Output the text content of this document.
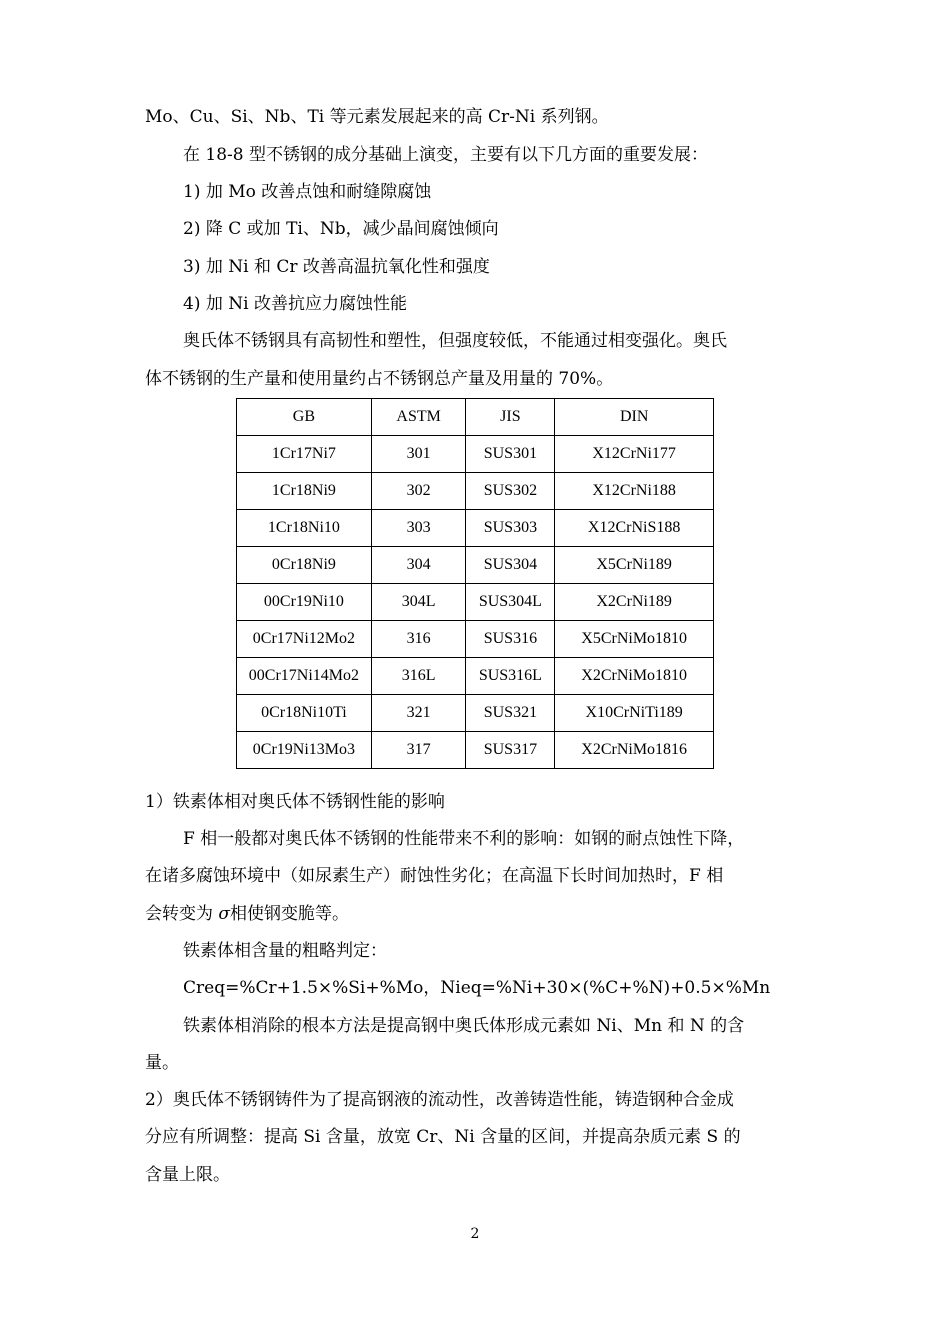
Mo、Cu、Si、Nb、Ti 等元素发展起来的高 Cr-Ni 系列钢。
在 18-8 型不锈钢的成分基础上演变，主要有以下几方面的重要发展：
1) 加 Mo 改善点蚀和耐缝隙腐蚀
2) 降 C 或加 Ti、Nb，减少晶间腐蚀倾向
3) 加 Ni 和 Cr 改善高温抗氧化性和强度
4) 加 Ni 改善抗应力腐蚀性能
奥氏体不锈钢具有高韧性和塑性，但强度较低，不能通过相变强化。奥氏
体不锈钢的生产量和使用量约占不锈钢总产量及用量的 70%。
GB	ASTM	JIS	DIN
1Cr17Ni7	301	SUS301	X12CrNi177
1Cr18Ni9	302	SUS302	X12CrNi188
1Cr18Ni10	303	SUS303	X12CrNiS188
0Cr18Ni9	304	SUS304	X5CrNi189
00Cr19Ni10	304L	SUS304L	X2CrNi189
0Cr17Ni12Mo2	316	SUS316	X5CrNiMo1810
00Cr17Ni14Mo2	316L	SUS316L	X2CrNiMo1810
0Cr18Ni10Ti	321	SUS321	X10CrNiTi189
0Cr19Ni13Mo3	317	SUS317	X2CrNiMo1816
1）铁素体相对奥氏体不锈钢性能的影响
F 相一般都对奥氏体不锈钢的性能带来不利的影响：如钢的耐点蚀性下降，
在诸多腐蚀环境中（如尿素生产）耐蚀性劣化；在高温下长时间加热时，F 相
会转变为 σ相使钢变脆等。
铁素体相含量的粗略判定：
Creq=%Cr+1.5×%Si+%Mo，Nieq=%Ni+30×(%C+%N)+0.5×%Mn
铁素体相消除的根本方法是提高钢中奥氏体形成元素如 Ni、Mn 和 N 的含
量。
2）奥氏体不锈钢铸件为了提高钢液的流动性，改善铸造性能，铸造钢种合金成
分应有所调整：提高 Si 含量，放宽 Cr、Ni 含量的区间，并提高杂质元素 S 的
含量上限。
2
